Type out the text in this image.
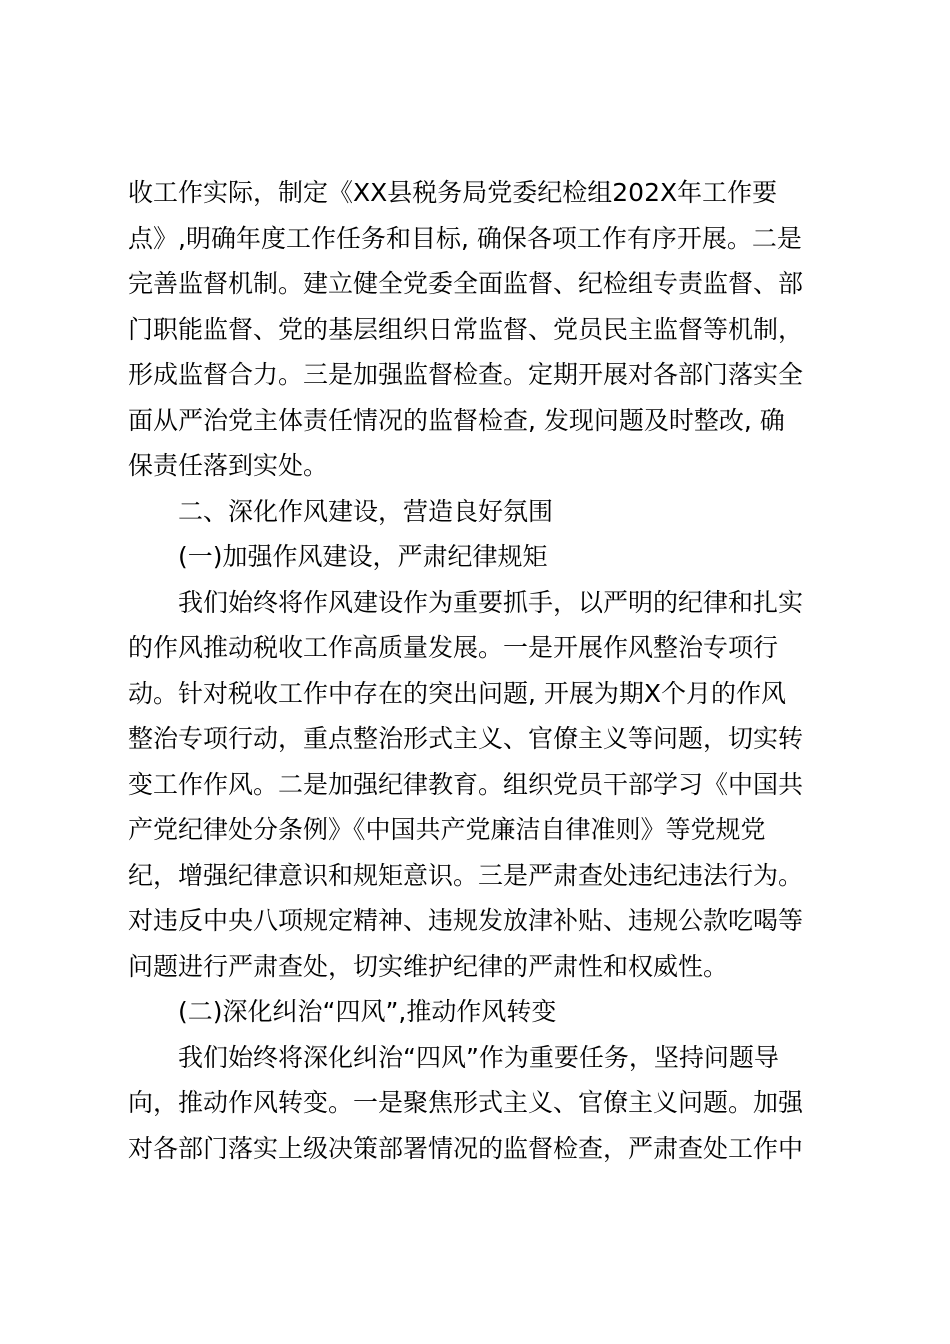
收工作实际，制定《XX县税务局党委纪检组202X年工作要
点》,明确年度工作任务和目标, 确保各项工作有序开展。二是
完善监督机制。建立健全党委全面监督、纪检组专责监督、部
门职能监督、党的基层组织日常监督、党员民主监督等机制，
形成监督合力。三是加强监督检查。定期开展对各部门落实全
面从严治党主体责任情况的监督检查, 发现问题及时整改, 确
保责任落到实处。
二、深化作风建设，营造良好氛围
(一)加强作风建设，严肃纪律规矩
我们始终将作风建设作为重要抓手，以严明的纪律和扎实
的作风推动税收工作高质量发展。一是开展作风整治专项行
动。针对税收工作中存在的突出问题, 开展为期X个月的作风
整治专项行动，重点整治形式主义、官僚主义等问题，切实转
变工作作风。二是加强纪律教育。组织党员干部学习《中国共
产党纪律处分条例》《中国共产党廉洁自律准则》等党规党
纪，增强纪律意识和规矩意识。三是严肃查处违纪违法行为。
对违反中央八项规定精神、违规发放津补贴、违规公款吃喝等
问题进行严肃查处，切实维护纪律的严肃性和权威性。
(二)深化纠治“四风”,推动作风转变
我们始终将深化纠治“四风”作为重要任务，坚持问题导
向，推动作风转变。一是聚焦形式主义、官僚主义问题。加强
对各部门落实上级决策部署情况的监督检查，严肃查处工作中
